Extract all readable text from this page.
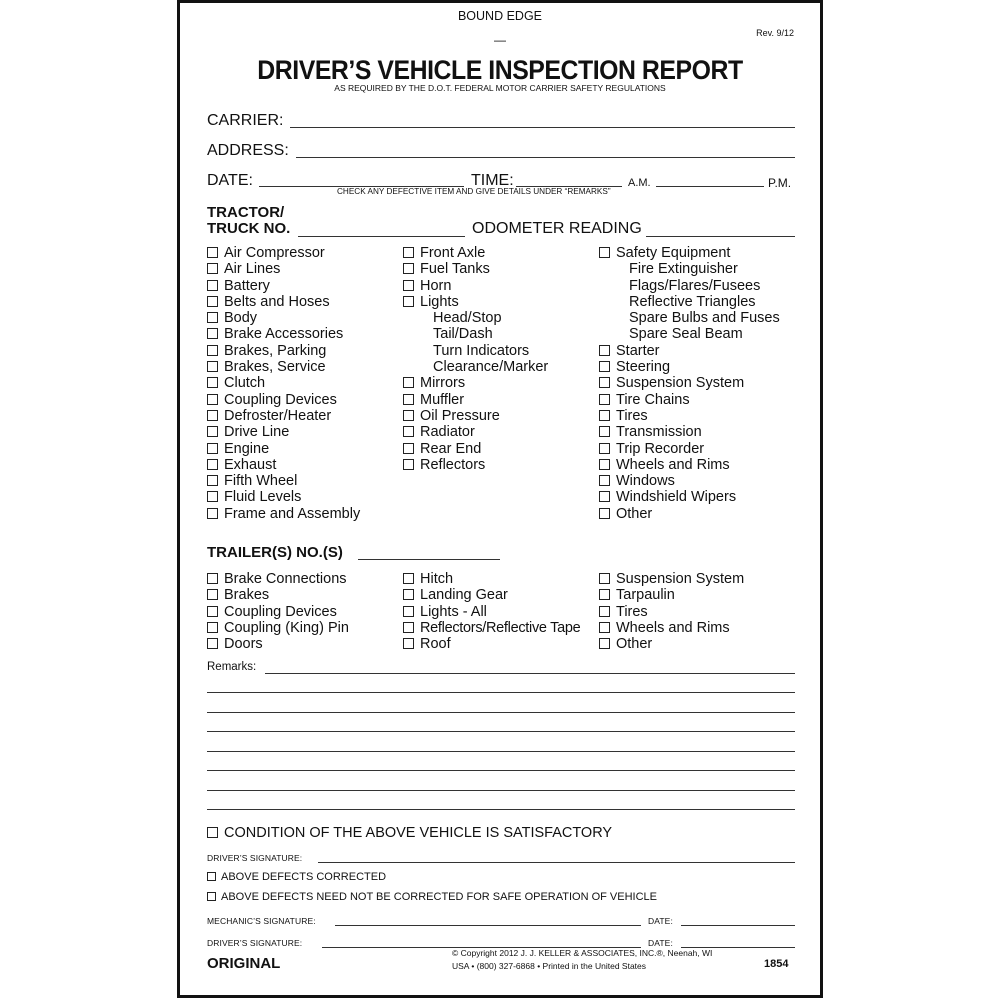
BOUND EDGE
—	Rev. 9/12
DRIVER’S VEHICLE INSPECTION REPORT
AS REQUIRED BY THE D.O.T. FEDERAL MOTOR CARRIER SAFETY REGULATIONS
CARRIER:
ADDRESS:
DATE:	TIME:	A.M.	P.M.
CHECK ANY DEFECTIVE ITEM AND GIVE DETAILS UNDER “REMARKS”
TRACTOR/
TRUCK NO.	ODOMETER READING
Air Compressor
Air Lines
Battery
Belts and Hoses
Body
Brake Accessories
Brakes, Parking
Brakes, Service
Clutch
Coupling Devices
Defroster/Heater
Drive Line
Engine
Exhaust
Fifth Wheel
Fluid Levels
Frame and Assembly
Front Axle
Fuel Tanks
Horn
Lights
Head/Stop
Tail/Dash
Turn Indicators
Clearance/Marker
Mirrors
Muffler
Oil Pressure
Radiator
Rear End
Reflectors
Safety Equipment
Fire Extinguisher
Flags/Flares/Fusees
Reflective Triangles
Spare Bulbs and Fuses
Spare Seal Beam
Starter
Steering
Suspension System
Tire Chains
Tires
Transmission
Trip Recorder
Wheels and Rims
Windows
Windshield Wipers
Other
TRAILER(S) NO.(S)
Brake Connections
Brakes
Coupling Devices
Coupling (King) Pin
Doors
Hitch
Landing Gear
Lights - All
Reflectors/Reflective Tape
Roof
Suspension System
Tarpaulin
Tires
Wheels and Rims
Other
Remarks:
CONDITION OF THE ABOVE VEHICLE IS SATISFACTORY
DRIVER’S SIGNATURE:
ABOVE DEFECTS CORRECTED
ABOVE DEFECTS NEED NOT BE CORRECTED FOR SAFE OPERATION OF VEHICLE
MECHANIC’S SIGNATURE:	DATE:
DRIVER’S SIGNATURE:	DATE:
ORIGINAL
© Copyright 2012 J. J. KELLER & ASSOCIATES, INC.®, Neenah, WI
USA • (800) 327-6868 • Printed in the United States	1854
